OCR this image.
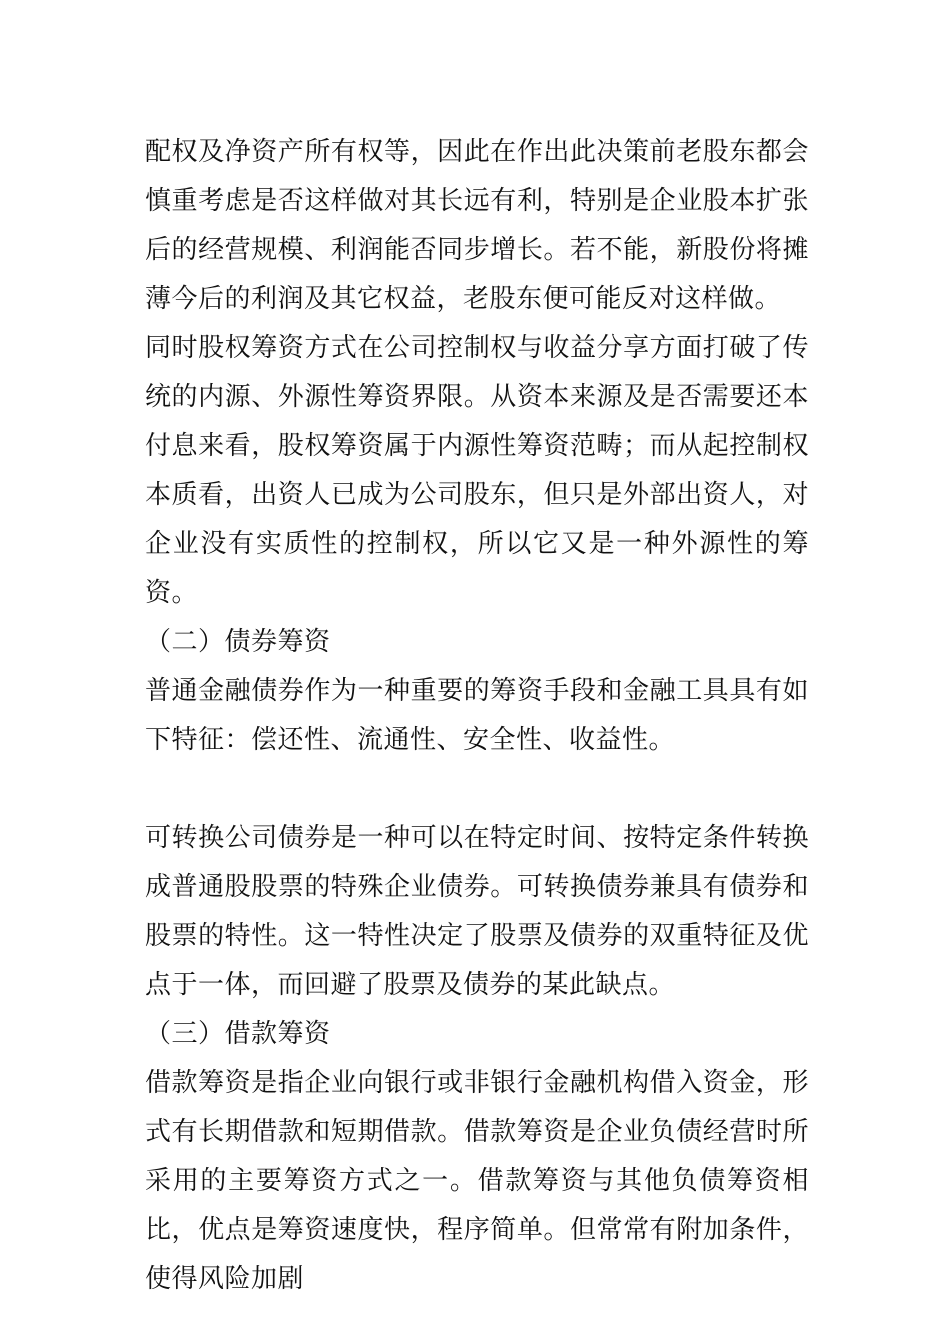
配权及净资产所有权等，因此在作出此决策前老股东都会慎重考虑是否这样做对其长远有利，特别是企业股本扩张后的经营规模、利润能否同步增长。若不能，新股份将摊薄今后的利润及其它权益，老股东便可能反对这样做。

同时股权筹资方式在公司控制权与收益分享方面打破了传统的内源、外源性筹资界限。从资本来源及是否需要还本付息来看，股权筹资属于内源性筹资范畴；而从起控制权本质看，出资人已成为公司股东，但只是外部出资人，对企业没有实质性的控制权，所以它又是一种外源性的筹资。

（二）债券筹资

普通金融债券作为一种重要的筹资手段和金融工具具有如下特征：偿还性、流通性、安全性、收益性。

可转换公司债券是一种可以在特定时间、按特定条件转换成普通股股票的特殊企业债券。可转换债券兼具有债券和股票的特性。这一特性决定了股票及债券的双重特征及优点于一体，而回避了股票及债券的某此缺点。

（三）借款筹资

借款筹资是指企业向银行或非银行金融机构借入资金，形式有长期借款和短期借款。借款筹资是企业负债经营时所采用的主要筹资方式之一。借款筹资与其他负债筹资相比，优点是筹资速度快，程序简单。但常常有附加条件，使得风险加剧
